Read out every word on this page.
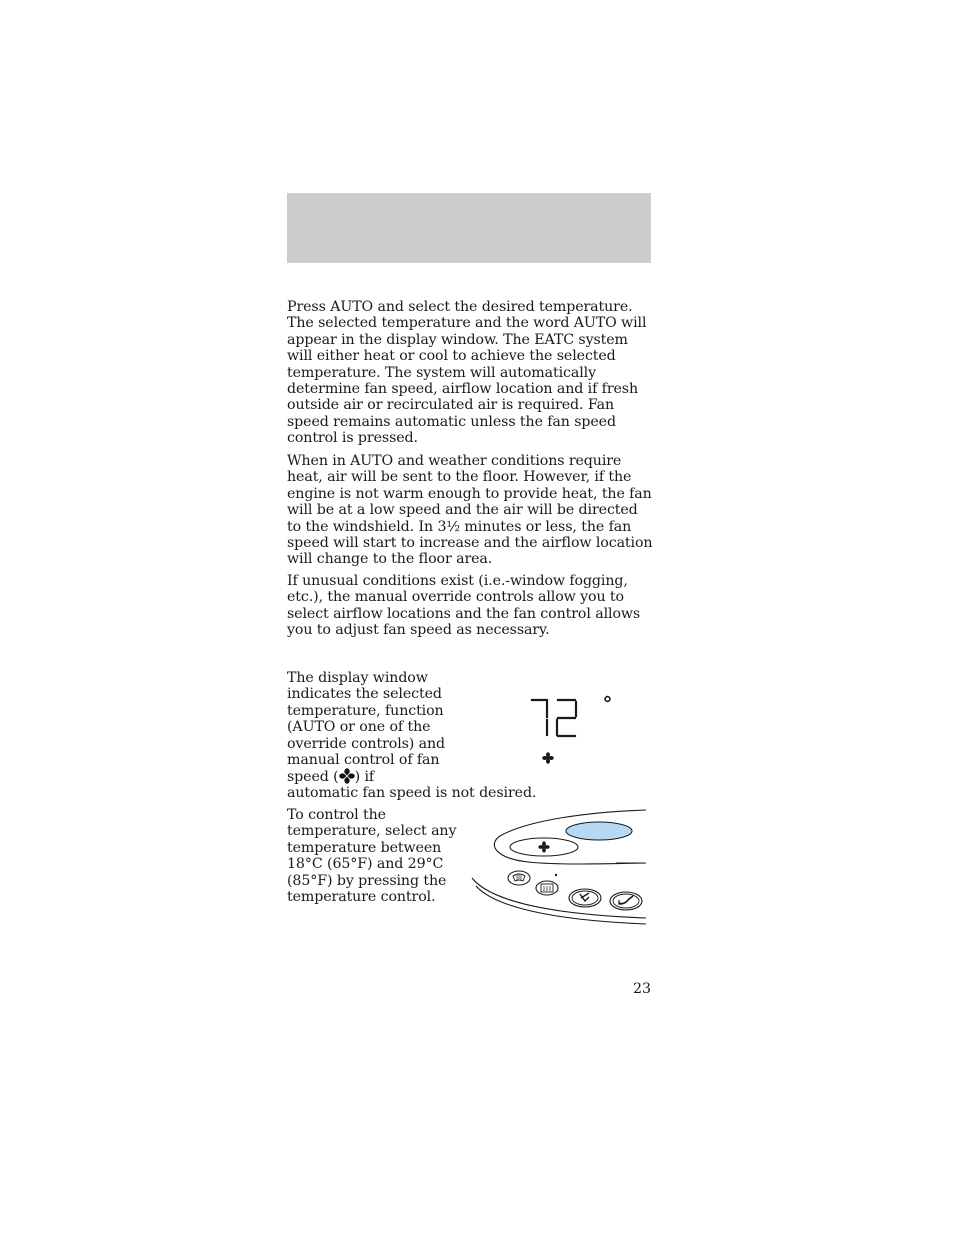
Press AUTO and select the desired temperature. The selected temperature and the word AUTO will appear in the display window. The EATC system will either heat or cool to achieve the selected temperature. The system will automatically determine fan speed, airflow location and if fresh outside air or recirculated air is required. Fan speed remains automatic unless the fan speed control is pressed.

When in AUTO and weather conditions require heat, air will be sent to the floor. However, if the engine is not warm enough to provide heat, the fan will be at a low speed and the air will be directed to the windshield. In 3½ minutes or less, the fan speed will start to increase and the airflow location will change to the floor area.

If unusual conditions exist (i.e.-window fogging, etc.), the manual override controls allow you to select airflow locations and the fan control allows you to adjust fan speed as necessary.

The display window indicates the selected temperature, function (AUTO or one of the override controls) and manual control of fan speed ( ) if

automatic fan speed is not desired.

To control the temperature, select any temperature between 18°C (65°F) and 29°C (85°F) by pressing the temperature control.

23
